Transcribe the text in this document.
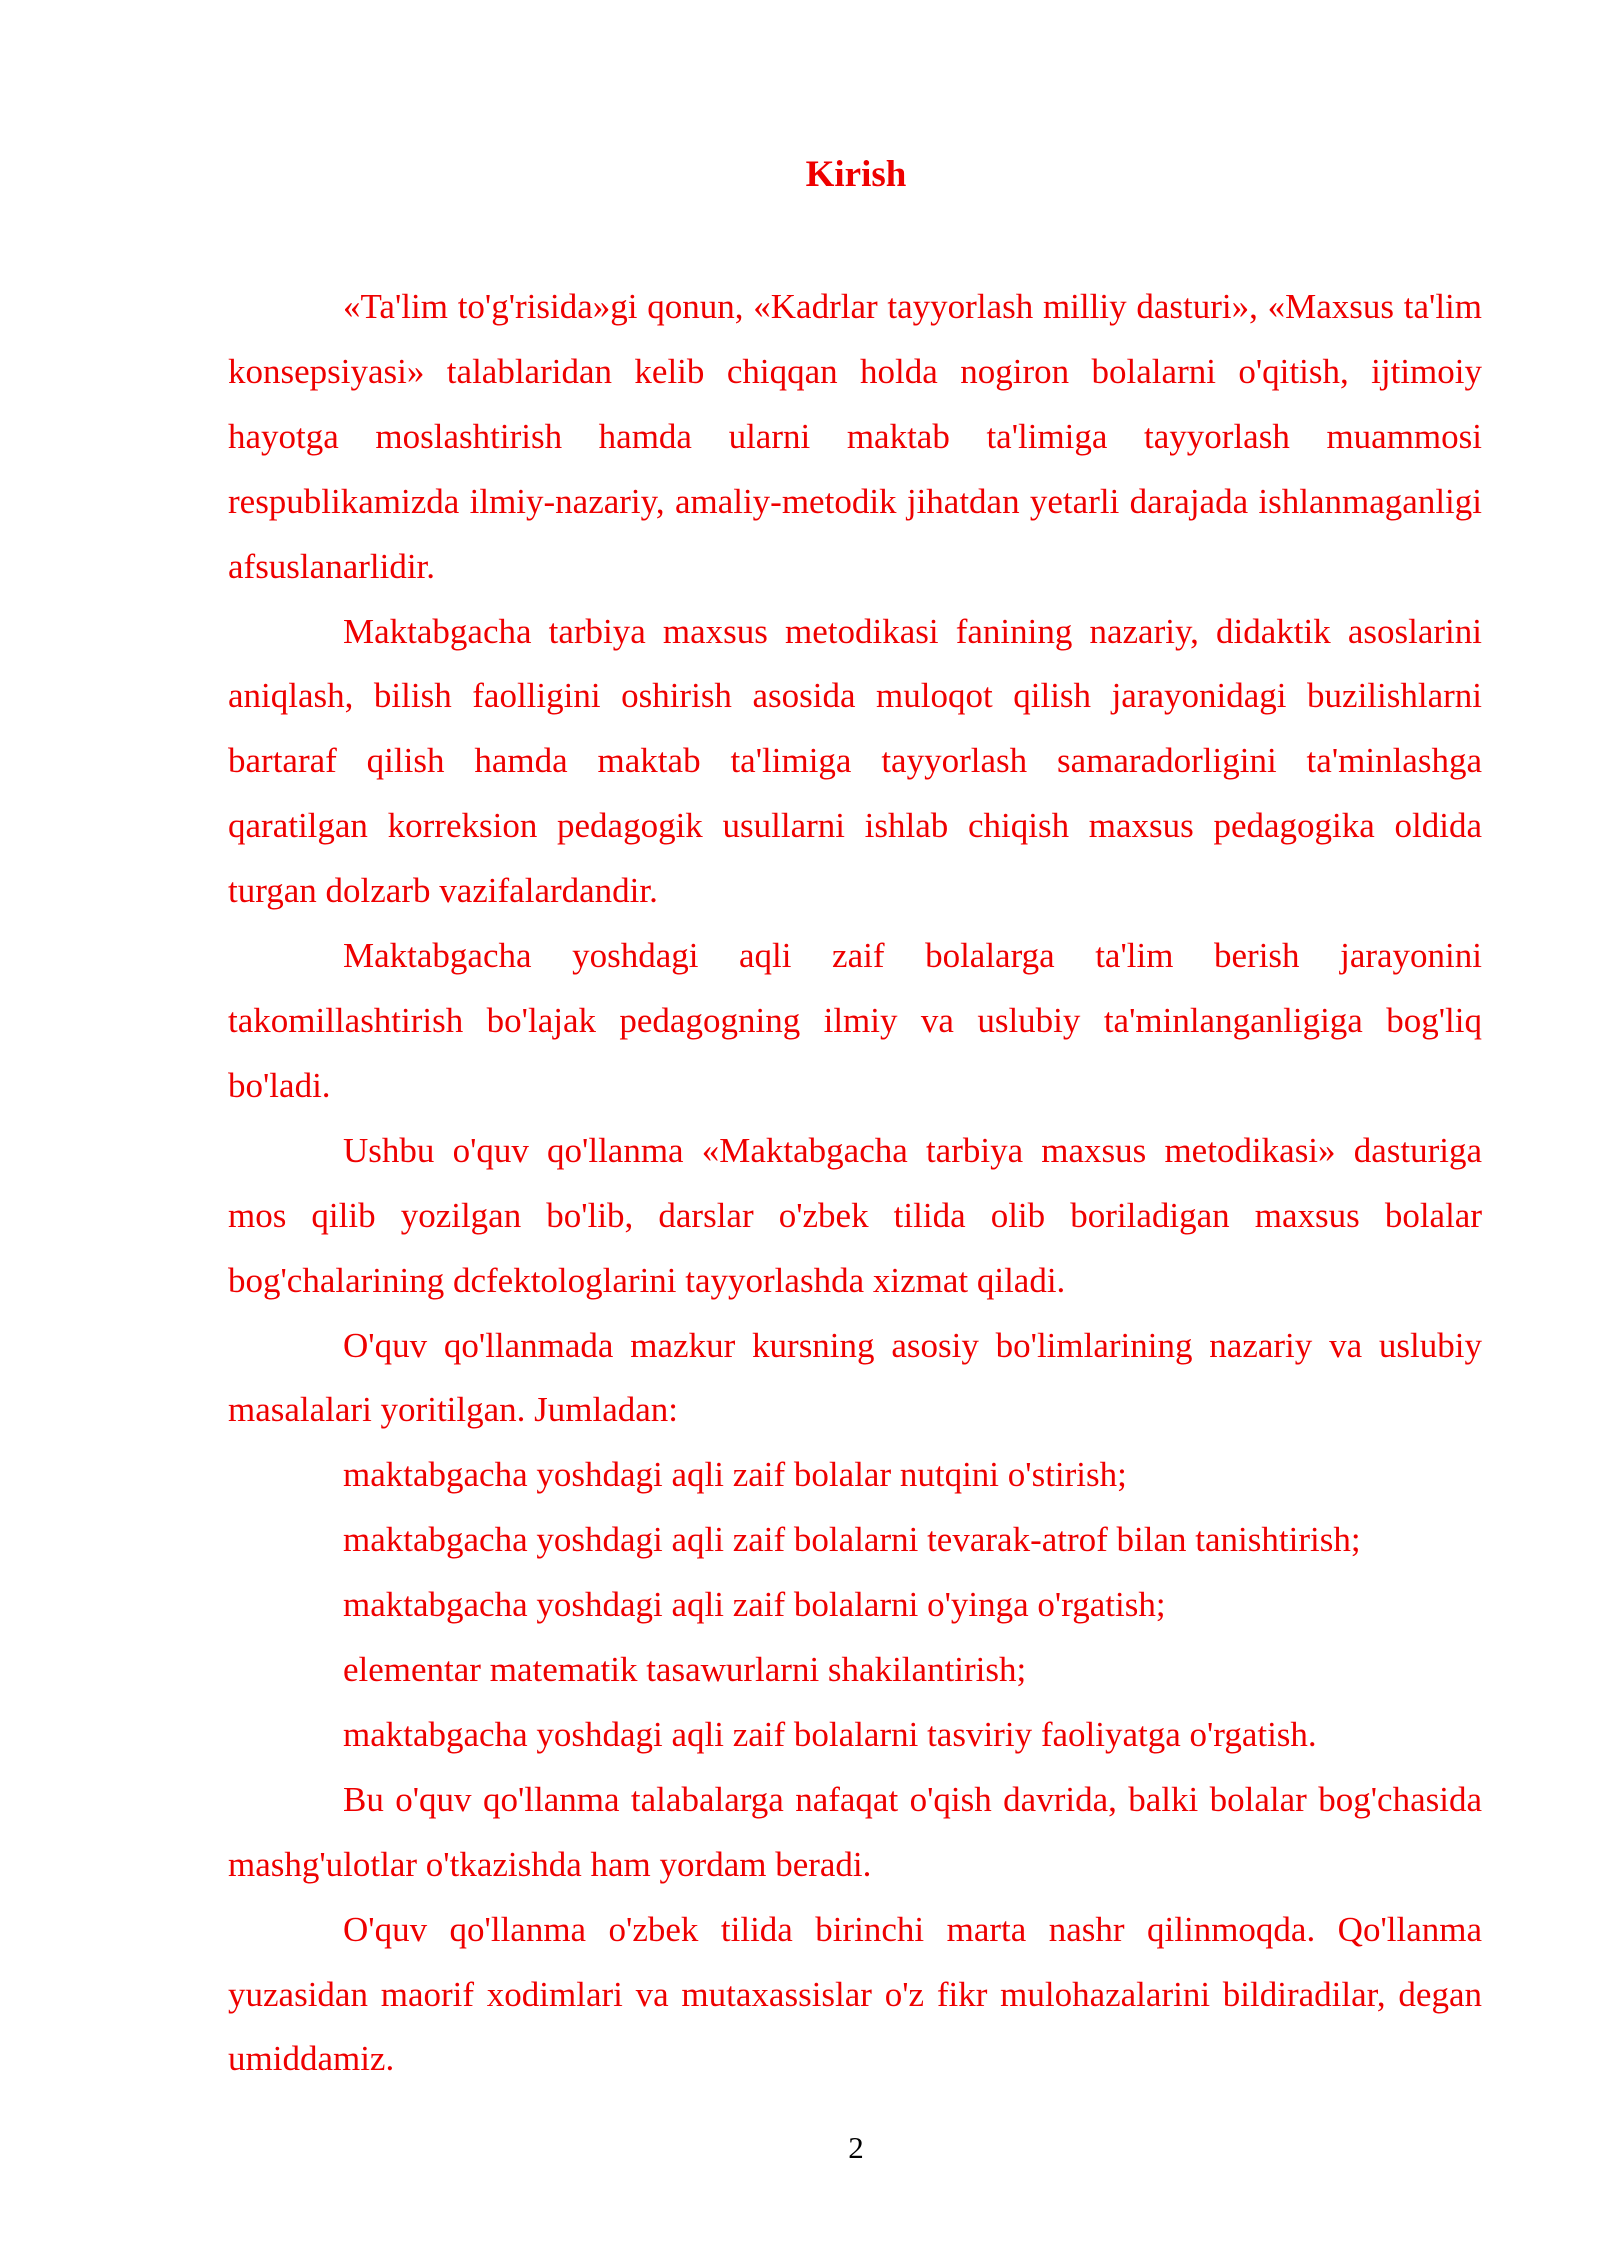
Kirish

«Ta'lim to'g'risida»gi qonun, «Kadrlar tayyorlash milliy dasturi», «Maxsus ta'lim konsepsiyasi» talablaridan kelib chiqqan holda nogiron bolalarni o'qitish, ijtimoiy hayotga moslashtirish hamda ularni maktab ta'limiga tayyorlash muammosi respublikamizda ilmiy-nazariy, amaliy-metodik jihatdan yetarli darajada ishlanmaganligi afsuslanarlidir.

Maktabgacha tarbiya maxsus metodikasi fanining nazariy, didaktik asoslarini aniqlash, bilish faolligini oshirish asosida muloqot qilish jarayonidagi buzilishlarni bartaraf qilish hamda maktab ta'limiga tayyorlash samaradorligini ta'minlashga qaratilgan korreksion pedagogik usullarni ishlab chiqish maxsus pedagogika oldida turgan dolzarb vazifalardandir.

Maktabgacha yoshdagi aqli zaif bolalarga ta'lim berish jarayonini takomillashtirish bo'lajak pedagogning ilmiy va uslubiy ta'minlanganligiga bog'liq bo'ladi.

Ushbu o'quv qo'llanma «Maktabgacha tarbiya maxsus metodikasi» dasturiga mos qilib yozilgan bo'lib, darslar o'zbek tilida olib boriladigan maxsus bolalar bog'chalarining dcfektologlarini tayyorlashda xizmat qiladi.

O'quv qo'llanmada mazkur kursning asosiy bo'limlarining nazariy va uslubiy masalalari yoritilgan. Jumladan:

maktabgacha yoshdagi aqli zaif bolalar nutqini o'stirish;

maktabgacha yoshdagi aqli zaif bolalarni tevarak-atrof bilan tanishtirish;

maktabgacha yoshdagi aqli zaif bolalarni o'yinga o'rgatish;

elementar matematik tasawurlarni shakilantirish;

maktabgacha yoshdagi aqli zaif bolalarni tasviriy faoliyatga o'rgatish.

Bu o'quv qo'llanma talabalarga nafaqat o'qish davrida, balki bolalar bog'chasida mashg'ulotlar o'tkazishda ham yordam beradi.

O'quv qo'llanma o'zbek tilida birinchi marta nashr qilinmoqda. Qo'llanma yuzasidan maorif xodimlari va mutaxassislar o'z fikr mulohazalarini bildiradilar, degan umiddamiz.

2
